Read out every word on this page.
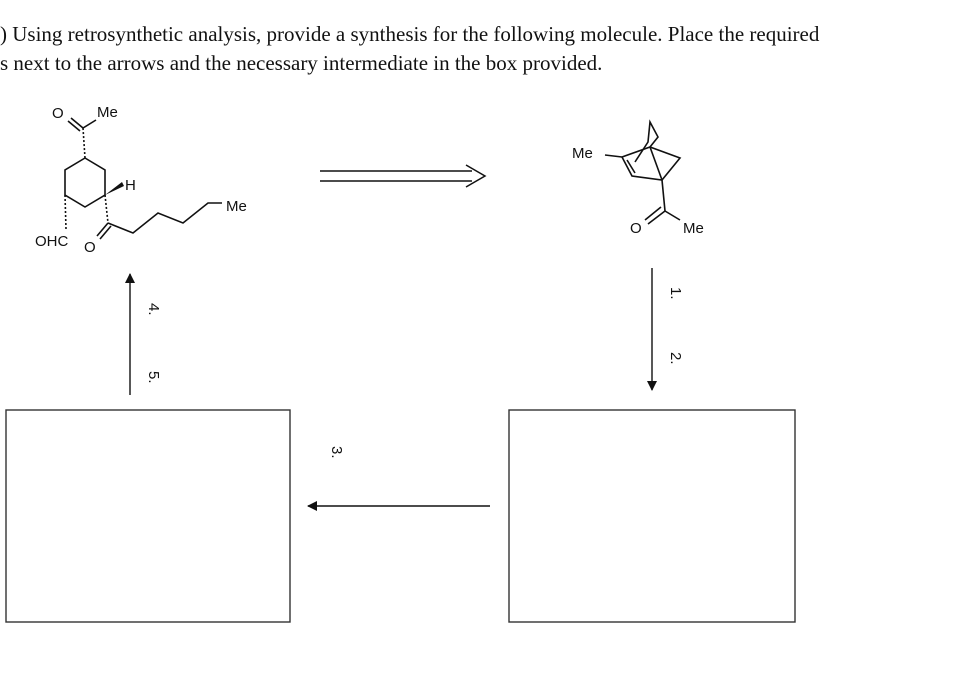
) Using retrosynthetic analysis, provide a synthesis for the following molecule. Place the required
s next to the arrows and the necessary intermediate in the box provided.
O Me
H
Me
OHC O
Me
O	Me
1.
2.
3.
4.
5.
